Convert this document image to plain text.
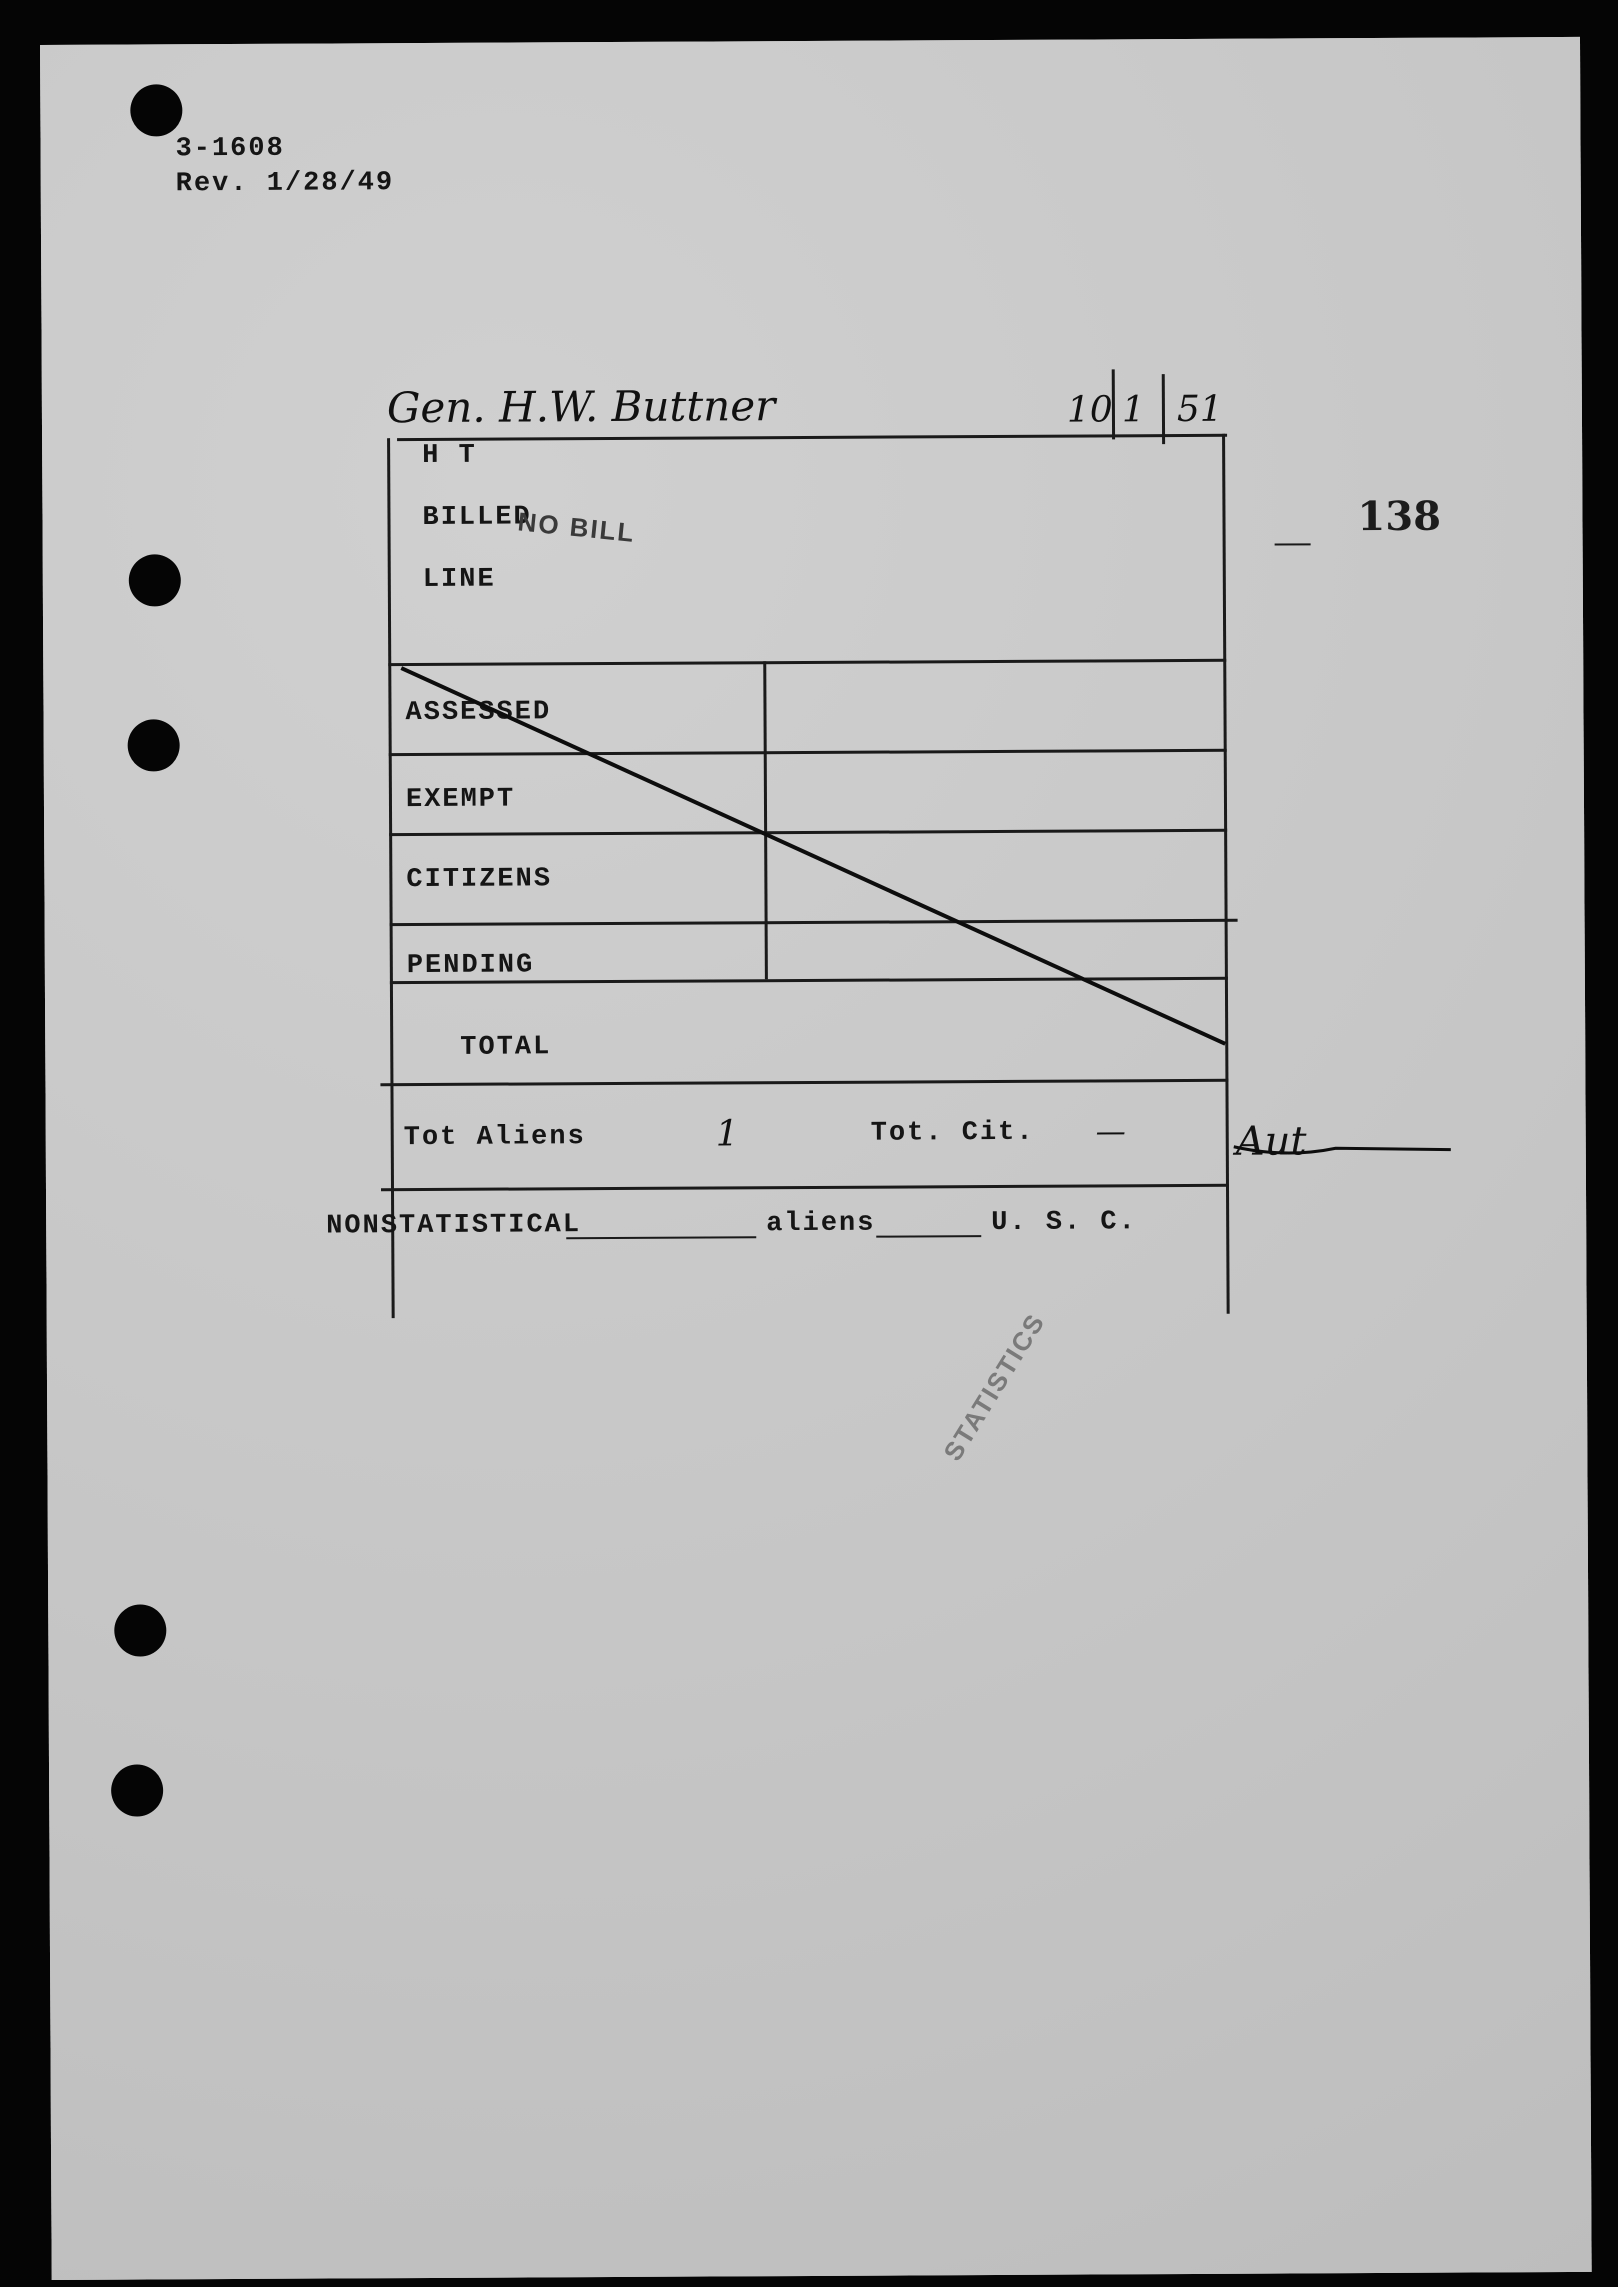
3-1608
Rev. 1/28/49
Gen. H.W. Buttner	10 1 51
138
H T
BILLED
NO BILL
LINE
ASSESSED
EXEMPT
CITIZENS
PENDING
TOTAL
Tot Aliens	1	Tot. Cit. —	Aut
NONSTATISTICAL	aliens	U. S. C.
STATISTICS
